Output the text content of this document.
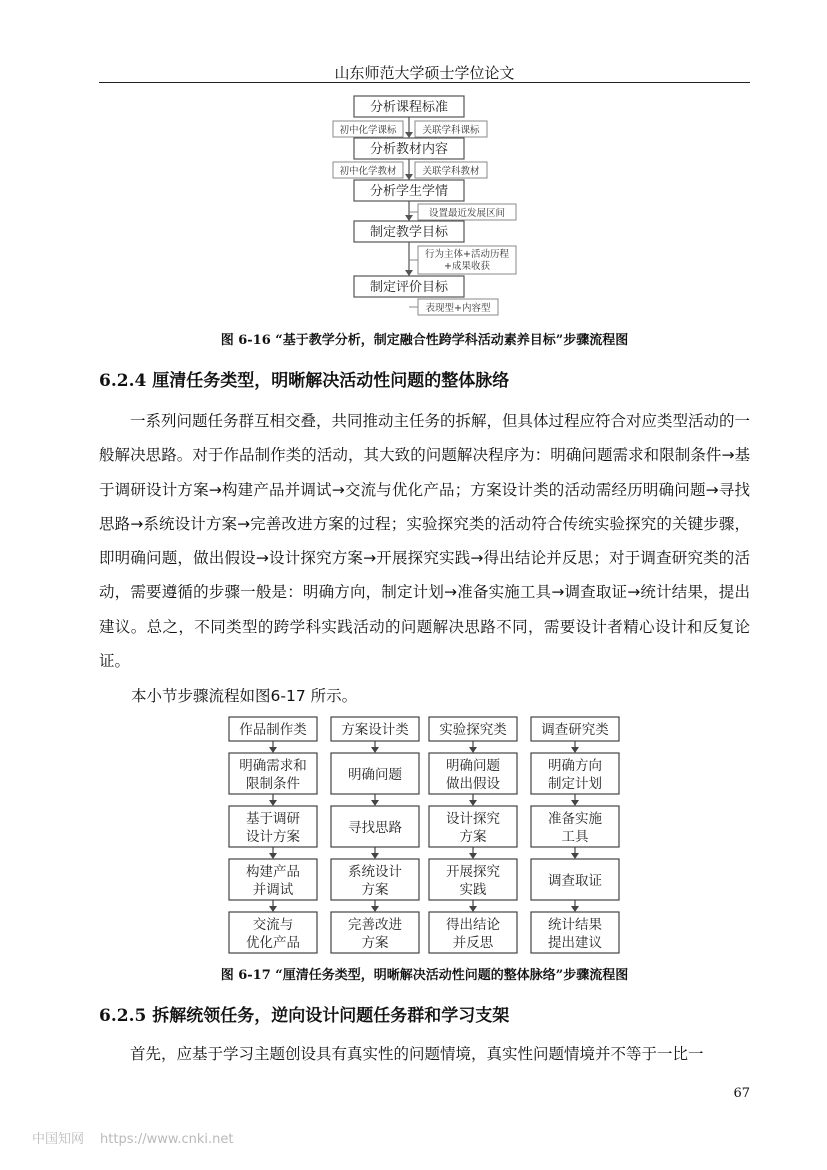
山东师范大学硕士学位论文
分析课程标准
初中化学课标	关联学科课标
分析教材内容
初中化学教材	关联学科教材
分析学生学情
设置最近发展区间
制定教学目标
行为主体+活动历程
+成果收获
制定评价目标
表现型+内容型
图 6-16 “基于教学分析，制定融合性跨学科活动素养目标”步骤流程图
6.2.4 厘清任务类型，明晰解决活动性问题的整体脉络
一系列问题任务群互相交叠，共同推动主任务的拆解，但具体过程应符合对应类型活动的一般解决思路。对于作品制作类的活动，其大致的问题解决程序为：明确问题需求和限制条件→基于调研设计方案→构建产品并调试→交流与优化产品；方案设计类的活动需经历明确问题→寻找思路→系统设计方案→完善改进方案的过程；实验探究类的活动符合传统实验探究的关键步骤，即明确问题，做出假设→设计探究方案→开展探究实践→得出结论并反思；对于调查研究类的活动，需要遵循的步骤一般是：明确方向，制定计划→准备实施工具→调查取证→统计结果，提出建议。总之，不同类型的跨学科实践活动的问题解决思路不同，需要设计者精心设计和反复论证。
本小节步骤流程如图6-17 所示。
作品制作类
明确需求和
限制条件
基于调研
设计方案
构建产品
并调试
交流与
优化产品
方案设计类
明确问题
寻找思路
系统设计
方案
完善改进
方案
实验探究类
明确问题
做出假设
设计探究
方案
开展探究
实践
得出结论
并反思
调查研究类
明确方向
制定计划
准备实施
工具
调查取证
统计结果
提出建议
图 6-17 “厘清任务类型，明晰解决活动性问题的整体脉络”步骤流程图
6.2.5 拆解统领任务，逆向设计问题任务群和学习支架
首先，应基于学习主题创设具有真实性的问题情境，真实性问题情境并不等于一比一
67
中国知网 https://www.cnki.net
